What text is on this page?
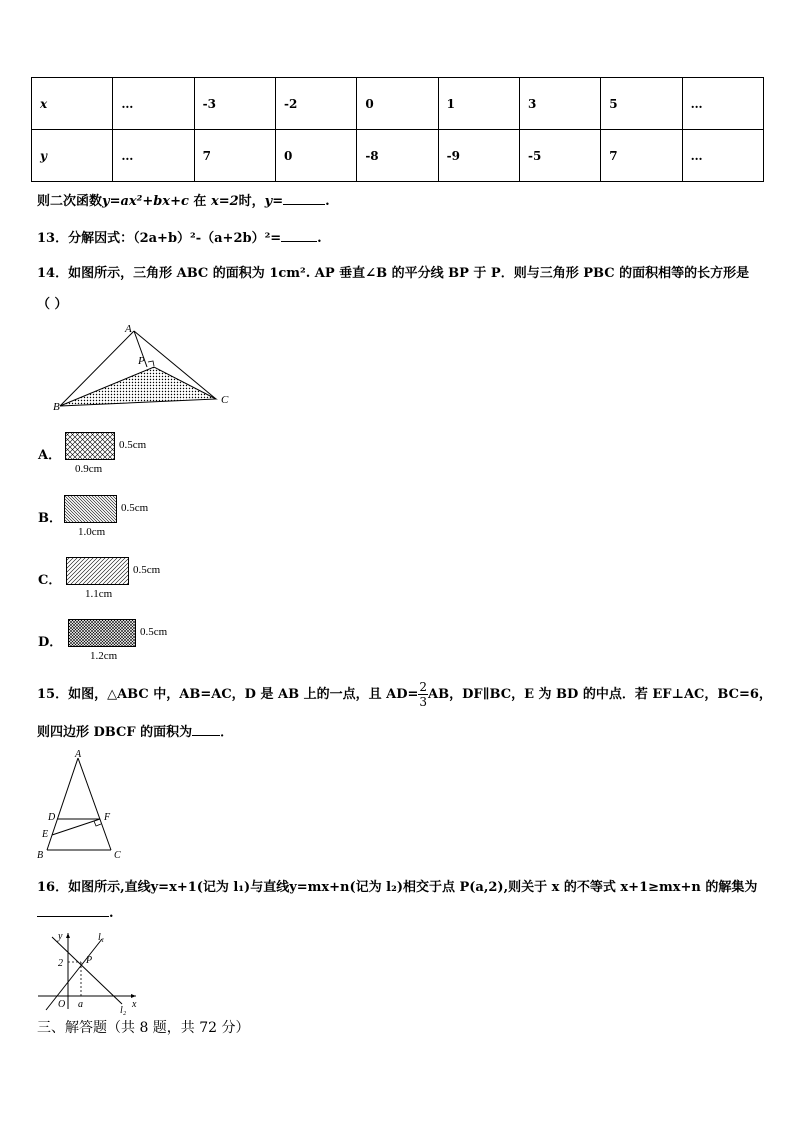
x	…	-3	-2	0	1	3	5	…
y	…	7	0	-8	-9	-5	7	…
则二次函数y=ax²+bx+c 在 x=2时，y=	.
13．分解因式：（2a+b）²-（a+2b）²=	.
14．如图所示，三角形 ABC 的面积为 1cm². AP 垂直∠B 的平分线 BP 于 P．则与三角形 PBC 的面积相等的长方形是
（ ）
A
B
C
P
A．
0.5cm
0.9cm
B．
0.5cm
1.0cm
C．
0.5cm
1.1cm
D．
0.5cm
1.2cm
15．如图，△ABC 中，AB=AC，D 是 AB 上的一点，且 $AD= \frac{2}{3}$ AB，DF∥BC，E 为 BD 的中点．若 EF⊥AC，BC=6，
则四边形 DBCF 的面积为 ．
A
B	C
D
E
F
16．如图所示,直线y=x+1(记为 l₁)与直线y=mx+n(记为 l₂)相交于点 P(a,2),则关于 x 的不等式 x+1≥mx+n 的解集为
.
y
x
O a
2 P
l₁
l₂
三、解答题（共 8 题，共 72 分）
